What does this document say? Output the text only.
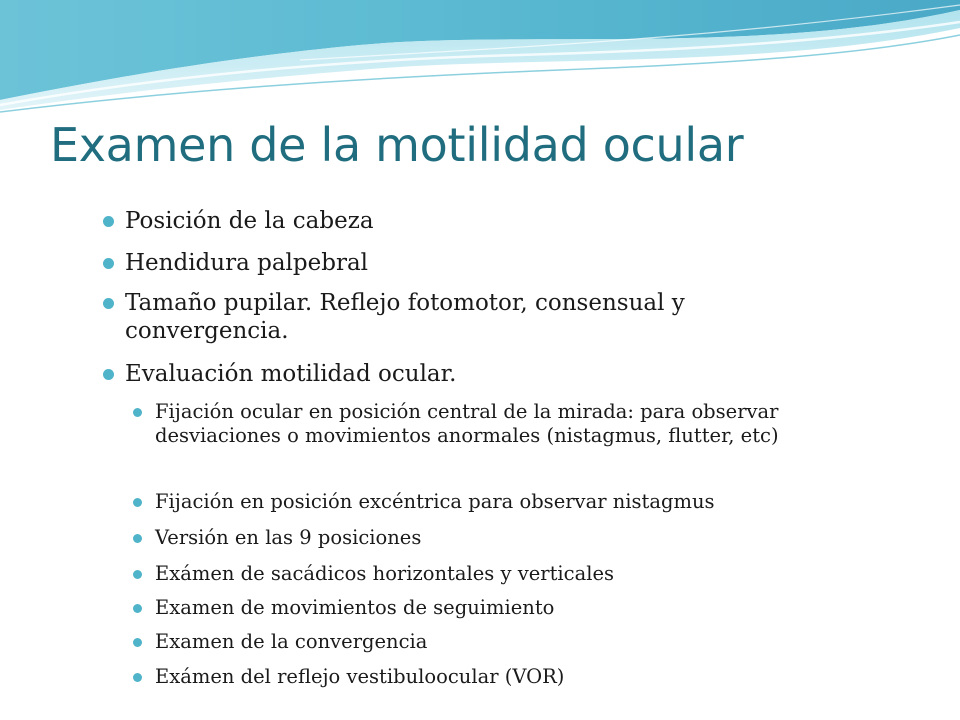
Examen de la motilidad ocular
Posición de la cabeza
Hendidura palpebral
Tamaño pupilar. Reflejo fotomotor, consensual y convergencia.
Evaluación motilidad ocular.
Fijación ocular en posición central de la mirada: para observar desviaciones o movimientos anormales (nistagmus, flutter, etc)
Fijación en posición excéntrica para observar nistagmus
Versión en las 9 posiciones
Exámen de sacádicos horizontales y verticales
Examen de movimientos de seguimiento
Examen de la convergencia
Exámen del reflejo vestibuloocular (VOR)
